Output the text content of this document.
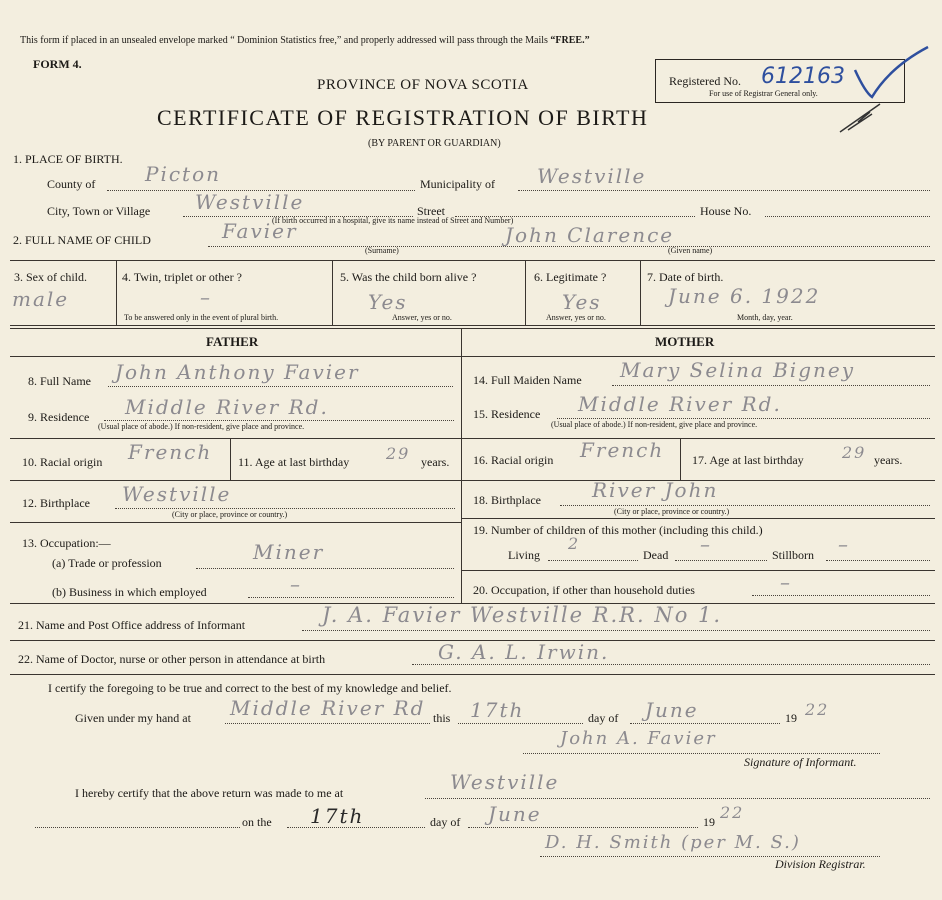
This form if placed in an unsealed envelope marked “ Dominion Statistics free,” and properly addressed will pass through the Mails “FREE.”
FORM 4.
PROVINCE OF NOVA SCOTIA
CERTIFICATE OF REGISTRATION OF BIRTH
(BY PARENT OR GUARDIAN)
Registered No. 612163
For use of Registrar General only.
1. PLACE OF BIRTH.
County of Picton	Municipality of Westville
City, Town or Village Westville	Street	House No.
(If birth occurred in a hospital, give its name instead of Street and Number)
2. FULL NAME OF CHILD	Favier	John Clarence
(Surname)	(Given name)
3. Sex of child.
male
4. Twin, triplet or other ?
–
To be answered only in the event of plural birth.
5. Was the child born alive ?
Yes
Answer, yes or no.
6. Legitimate ?
Yes
Answer, yes or no.
7. Date of birth.
June 6. 1922
Month, day, year.
FATHER	MOTHER
8. Full Name John Anthony Favier
9. Residence Middle River Rd.
(Usual place of abode.) If non-resident, give place and province.
10. Racial origin French 11. Age at last birthday 29 years.
12. Birthplace Westville
(City or place, province or country.)
13. Occupation:—
(a) Trade or profession	Miner
(b) Business in which employed	–
14. Full Maiden Name Mary Selina Bigney
15. Residence Middle River Rd.
(Usual place of abode.) If non-resident, give place and province.
16. Racial origin French 17. Age at last birthday 29 years.
18. Birthplace	River John
(City or place, province or country.)
19. Number of children of this mother (including this child.)
Living
2
Dead –	Stillborn –
20. Occupation, if other than household duties	–
21. Name and Post Office address of Informant	J. A. Favier Westville R.R. No 1.
22. Name of Doctor, nurse or other person in attendance at birth	G. A. L. Irwin.
I certify the foregoing to be true and correct to the best of my knowledge and belief.
Given under my hand at Middle River Rd this 17th	day of June	19 22
John A. Favier
Signature of Informant.
I hereby certify that the above return was made to me at	Westville
on the 17th	day of June	19 22
D. H. Smith (per M. S.)
Division Registrar.
